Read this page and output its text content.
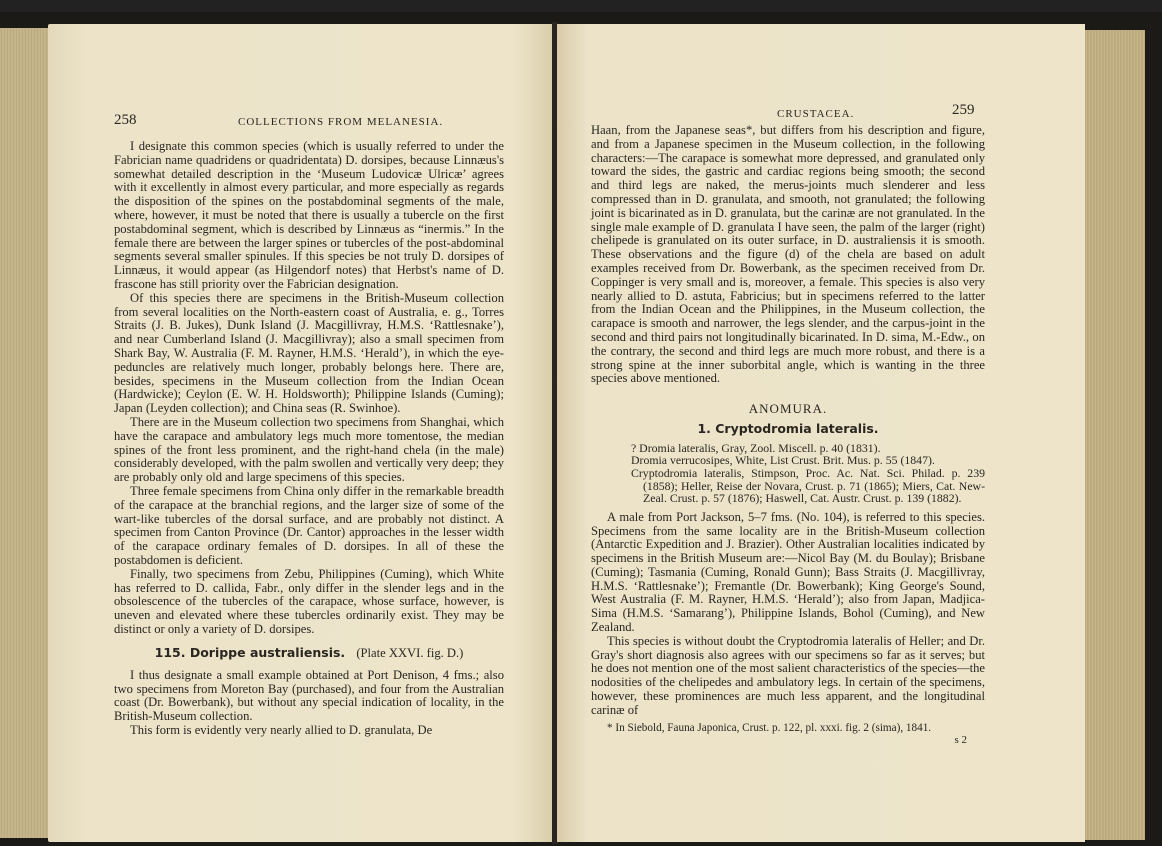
258	COLLECTIONS FROM MELANESIA.

I designate this common species (which is usually referred to under the Fabrician name quadridens or quadridentata) D. dorsipes, because Linnæus's somewhat detailed description in the ‘Museum Ludovicæ Ulricæ’ agrees with it excellently in almost every particular, and more especially as regards the disposition of the spines on the postabdominal segments of the male, where, however, it must be noted that there is usually a tubercle on the first postabdominal segment, which is described by Linnæus as “inermis.” In the female there are between the larger spines or tubercles of the post-abdominal segments several smaller spinules. If this species be not truly D. dorsipes of Linnæus, it would appear (as Hilgendorf notes) that Herbst's name of D. frascone has still priority over the Fabrician designation.

Of this species there are specimens in the British-Museum collection from several localities on the North-eastern coast of Australia, e. g., Torres Straits (J. B. Jukes), Dunk Island (J. Macgillivray, H.M.S. ‘Rattlesnake’), and near Cumberland Island (J. Macgillivray); also a small specimen from Shark Bay, W. Australia (F. M. Rayner, H.M.S. ‘Herald’), in which the eye-peduncles are relatively much longer, probably belongs here. There are, besides, specimens in the Museum collection from the Indian Ocean (Hardwicke); Ceylon (E. W. H. Holdsworth); Philippine Islands (Cuming); Japan (Leyden collection); and China seas (R. Swinhoe).

There are in the Museum collection two specimens from Shanghai, which have the carapace and ambulatory legs much more tomentose, the median spines of the front less prominent, and the right-hand chela (in the male) considerably developed, with the palm swollen and vertically very deep; they are probably only old and large specimens of this species.

Three female specimens from China only differ in the remarkable breadth of the carapace at the branchial regions, and the larger size of some of the wart-like tubercles of the dorsal surface, and are probably not distinct. A specimen from Canton Province (Dr. Cantor) approaches in the lesser width of the carapace ordinary females of D. dorsipes. In all of these the postabdomen is deficient.

Finally, two specimens from Zebu, Philippines (Cuming), which White has referred to D. callida, Fabr., only differ in the slender legs and in the obsolescence of the tubercles of the carapace, whose surface, however, is uneven and elevated where these tubercles ordinarily exist. They may be distinct or only a variety of D. dorsipes.

115. Dorippe australiensis. (Plate XXVI. fig. D.)

I thus designate a small example obtained at Port Denison, 4 fms.; also two specimens from Moreton Bay (purchased), and four from the Australian coast (Dr. Bowerbank), but without any special indication of locality, in the British-Museum collection.

This form is evidently very nearly allied to D. granulata, De

CRUSTACEA.	259

Haan, from the Japanese seas*, but differs from his description and figure, and from a Japanese specimen in the Museum collection, in the following characters:—The carapace is somewhat more depressed, and granulated only toward the sides, the gastric and cardiac regions being smooth; the second and third legs are naked, the merus-joints much slenderer and less compressed than in D. granulata, and smooth, not granulated; the following joint is bicarinated as in D. granulata, but the carinæ are not granulated. In the single male example of D. granulata I have seen, the palm of the larger (right) chelipede is granulated on its outer surface, in D. australiensis it is smooth. These observations and the figure (d) of the chela are based on adult examples received from Dr. Bowerbank, as the specimen received from Dr. Coppinger is very small and is, moreover, a female. This species is also very nearly allied to D. astuta, Fabricius; but in specimens referred to the latter from the Indian Ocean and the Philippines, in the Museum collection, the carapace is smooth and narrower, the legs slender, and the carpus-joint in the second and third pairs not longitudinally bicarinated. In D. sima, M.-Edw., on the contrary, the second and third legs are much more robust, and there is a strong spine at the inner suborbital angle, which is wanting in the three species above mentioned.

ANOMURA.
1. Cryptodromia lateralis.

? Dromia lateralis, Gray, Zool. Miscell. p. 40 (1831).

Dromia verrucosipes, White, List Crust. Brit. Mus. p. 55 (1847).

Cryptodromia lateralis, Stimpson, Proc. Ac. Nat. Sci. Philad. p. 239 (1858); Heller, Reise der Novara, Crust. p. 71 (1865); Miers, Cat. New-Zeal. Crust. p. 57 (1876); Haswell, Cat. Austr. Crust. p. 139 (1882).

A male from Port Jackson, 5–7 fms. (No. 104), is referred to this species. Specimens from the same locality are in the British-Museum collection (Antarctic Expedition and J. Brazier). Other Australian localities indicated by specimens in the British Museum are:—Nicol Bay (M. du Boulay); Brisbane (Cuming); Tasmania (Cuming, Ronald Gunn); Bass Straits (J. Macgillivray, H.M.S. ‘Rattlesnake’); Fremantle (Dr. Bowerbank); King George's Sound, West Australia (F. M. Rayner, H.M.S. ‘Herald’); also from Japan, Madjica-Sima (H.M.S. ‘Samarang’), Philippine Islands, Bohol (Cuming), and New Zealand.

This species is without doubt the Cryptodromia lateralis of Heller; and Dr. Gray's short diagnosis also agrees with our specimens so far as it serves; but he does not mention one of the most salient characteristics of the species—the nodosities of the chelipedes and ambulatory legs. In certain of the specimens, however, these prominences are much less apparent, and the longitudinal carinæ of

* In Siebold, Fauna Japonica, Crust. p. 122, pl. xxxi. fig. 2 (sima), 1841.
s 2
